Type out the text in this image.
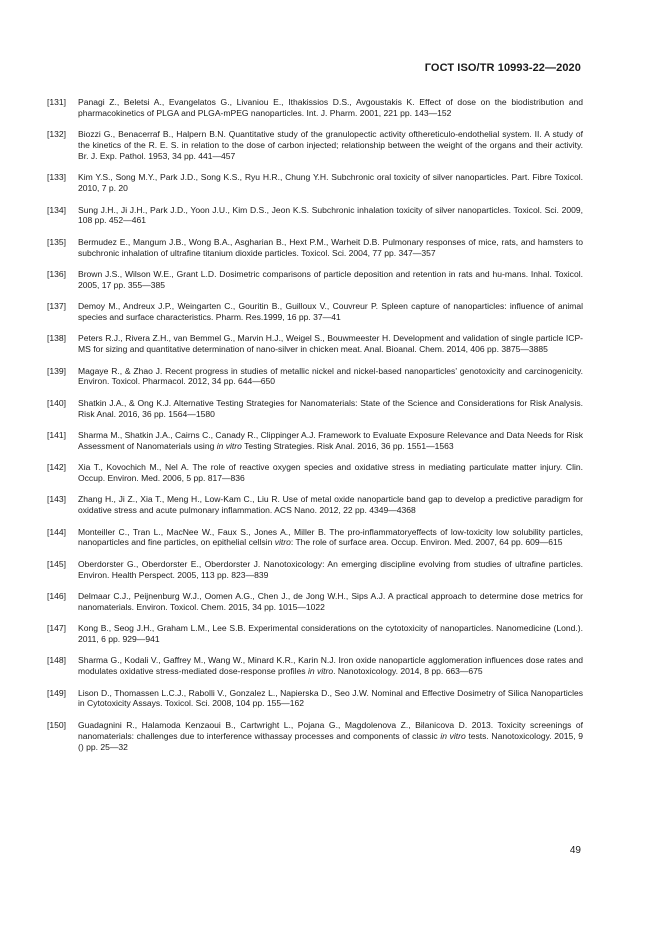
ГОСТ ISO/TR 10993-22—2020
[131]	Panagi Z., Beletsi A., Evangelatos G., Livaniou E., Ithakissios D.S., Avgoustakis K. Effect of dose on the biodistribution and pharmacokinetics of PLGA and PLGA-mPEG nanoparticles. Int. J. Pharm. 2001, 221 pp. 143—152
[132]	Biozzi G., Benacerraf B., Halpern B.N. Quantitative study of the granulopectic activity ofthereticulo-endothelial system. II. A study of the kinetics of the R. E. S. in relation to the dose of carbon injected; relationship between the weight of the organs and their activity. Br. J. Exp. Pathol. 1953, 34 pp. 441—457
[133]	Kim Y.S., Song M.Y., Park J.D., Song K.S., Ryu H.R., Chung Y.H. Subchronic oral toxicity of silver nanoparticles. Part. Fibre Toxicol. 2010, 7 p. 20
[134]	Sung J.H., Ji J.H., Park J.D., Yoon J.U., Kim D.S., Jeon K.S. Subchronic inhalation toxicity of silver nanoparticles. Toxicol. Sci. 2009, 108 pp. 452—461
[135]	Bermudez E., Mangum J.B., Wong B.A., Asgharian B., Hext P.M., Warheit D.B. Pulmonary responses of mice, rats, and hamsters to subchronic inhalation of ultrafine titanium dioxide particles. Toxicol. Sci. 2004, 77 pp. 347—357
[136]	Brown J.S., Wilson W.E., Grant L.D. Dosimetric comparisons of particle deposition and retention in rats and hu-mans. Inhal. Toxicol. 2005, 17 pp. 355—385
[137]	Demoy M., Andreux J.P., Weingarten C., Gouritin B., Guilloux V., Couvreur P. Spleen capture of nanoparticles: influence of animal species and surface characteristics. Pharm. Res.1999, 16 pp. 37—41
[138]	Peters R.J., Rivera Z.H., van Bemmel G., Marvin H.J., Weigel S., Bouwmeester H. Development and validation of single particle ICP-MS for sizing and quantitative determination of nano-silver in chicken meat. Anal. Bioanal. Chem. 2014, 406 pp. 3875—3885
[139]	Magaye R., & Zhao J. Recent progress in studies of metallic nickel and nickel-based nanoparticles' genotoxicity and carcinogenicity. Environ. Toxicol. Pharmacol. 2012, 34 pp. 644—650
[140]	Shatkin J.A., & Ong K.J. Alternative Testing Strategies for Nanomaterials: State of the Science and Considerations for Risk Analysis. Risk Anal. 2016, 36 pp. 1564—1580
[141]	Sharma M., Shatkin J.A., Cairns C., Canady R., Clippinger A.J. Framework to Evaluate Exposure Relevance and Data Needs for Risk Assessment of Nanomaterials using in vitro Testing Strategies. Risk Anal. 2016, 36 pp. 1551—1563
[142]	Xia T., Kovochich M., Nel A. The role of reactive oxygen species and oxidative stress in mediating particulate matter injury. Clin. Occup. Environ. Med. 2006, 5 pp. 817—836
[143]	Zhang H., Ji Z., Xia T., Meng H., Low-Kam C., Liu R. Use of metal oxide nanoparticle band gap to develop a predictive paradigm for oxidative stress and acute pulmonary inflammation. ACS Nano. 2012, 22 pp. 4349—4368
[144]	Monteiller C., Tran L., MacNee W., Faux S., Jones A., Miller B. The pro-inflammatoryeffects of low-toxicity low solubility particles, nanoparticles and fine particles, on epithelial cellsin vitro: The role of surface area. Occup. Environ. Med. 2007, 64 pp. 609—615
[145]	Oberdorster G., Oberdorster E., Oberdorster J. Nanotoxicology: An emerging discipline evolving from studies of ultrafine particles. Environ. Health Perspect. 2005, 113 pp. 823—839
[146]	Delmaar C.J., Peijnenburg W.J., Oomen A.G., Chen J., de Jong W.H., Sips A.J. A practical approach to determine dose metrics for nanomaterials. Environ. Toxicol. Chem. 2015, 34 pp. 1015—1022
[147]	Kong B., Seog J.H., Graham L.M., Lee S.B. Experimental considerations on the cytotoxicity of nanoparticles. Nanomedicine (Lond.). 2011, 6 pp. 929—941
[148]	Sharma G., Kodali V., Gaffrey M., Wang W., Minard K.R., Karin N.J. Iron oxide nanoparticle agglomeration influences dose rates and modulates oxidative stress-mediated dose-response profiles in vitro. Nanotoxicology. 2014, 8 pp. 663—675
[149]	Lison D., Thomassen L.C.J., Rabolli V., Gonzalez L., Napierska D., Seo J.W. Nominal and Effective Dosimetry of Silica Nanoparticles in Cytotoxicity Assays. Toxicol. Sci. 2008, 104 pp. 155—162
[150]	Guadagnini R., Halamoda Kenzaoui B., Cartwright L., Pojana G., Magdolenova Z., Bilanicova D. 2013. Toxicity screenings of nanomaterials: challenges due to interference withassay processes and components of classic in vitro tests. Nanotoxicology. 2015, 9 () pp. 25—32
49
